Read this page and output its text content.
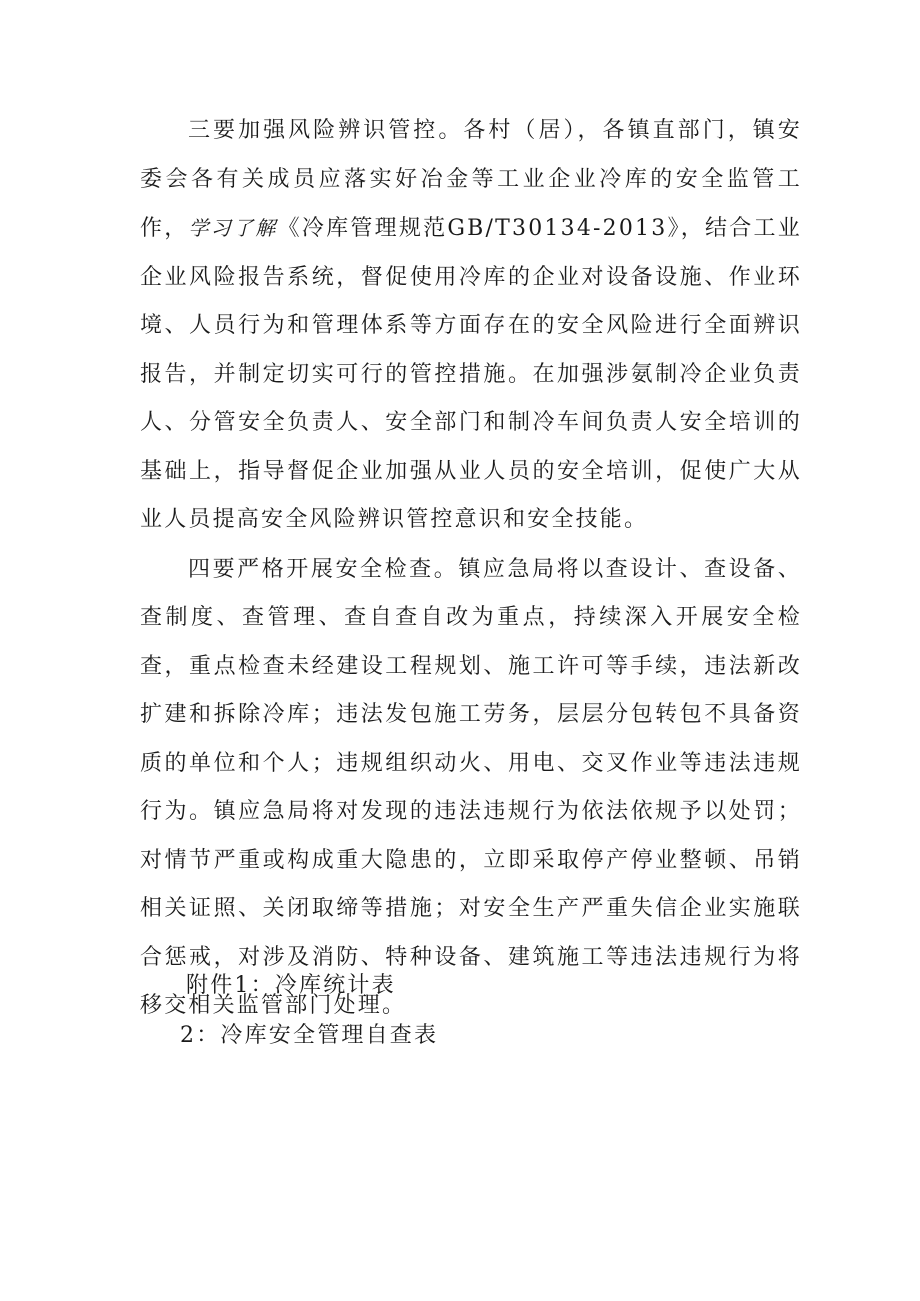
三要加强风险辨识管控。各村（居），各镇直部门，镇安委会各有关成员应落实好冶金等工业企业冷库的安全监管工作，学习了解《冷库管理规范GB/T30134-2013》，结合工业企业风险报告系统，督促使用冷库的企业对设备设施、作业环境、人员行为和管理体系等方面存在的安全风险进行全面辨识报告，并制定切实可行的管控措施。在加强涉氨制冷企业负责人、分管安全负责人、安全部门和制冷车间负责人安全培训的基础上，指导督促企业加强从业人员的安全培训，促使广大从业人员提高安全风险辨识管控意识和安全技能。

四要严格开展安全检查。镇应急局将以查设计、查设备、查制度、查管理、查自查自改为重点，持续深入开展安全检查，重点检查未经建设工程规划、施工许可等手续，违法新改扩建和拆除冷库；违法发包施工劳务，层层分包转包不具备资质的单位和个人；违规组织动火、用电、交叉作业等违法违规行为。镇应急局将对发现的违法违规行为依法依规予以处罚；对情节严重或构成重大隐患的，立即采取停产停业整顿、吊销相关证照、关闭取缔等措施；对安全生产严重失信企业实施联合惩戒，对涉及消防、特种设备、建筑施工等违法违规行为将移交相关监管部门处理。

附件1：冷库统计表
2：冷库安全管理自查表
